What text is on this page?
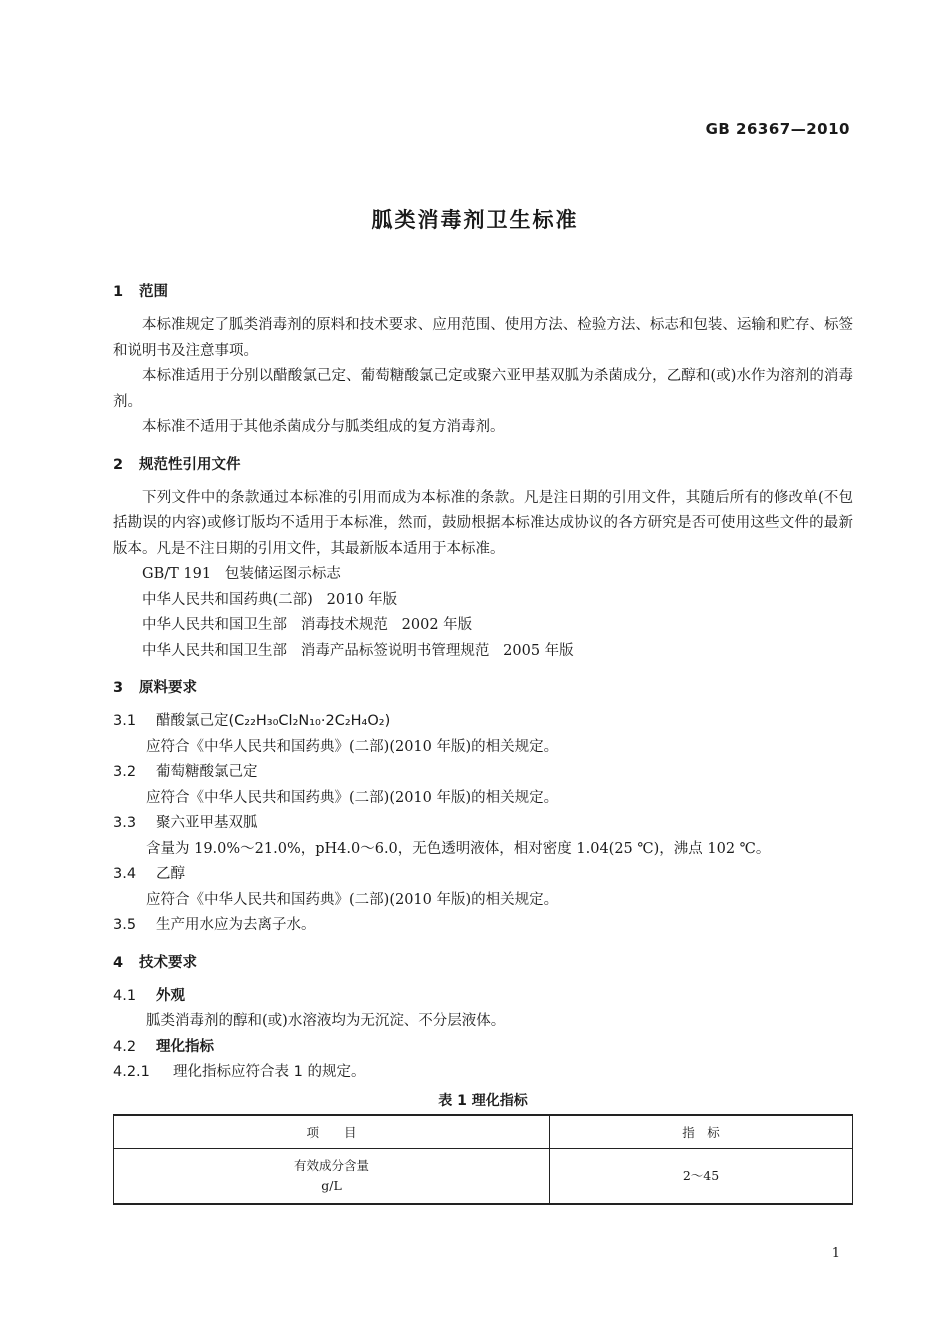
GB 26367—2010
胍类消毒剂卫生标准

1 范围

本标准规定了胍类消毒剂的原料和技术要求、应用范围、使用方法、检验方法、标志和包装、运输和贮存、标签和说明书及注意事项。

本标准适用于分别以醋酸氯己定、葡萄糖酸氯己定或聚六亚甲基双胍为杀菌成分，乙醇和(或)水作为溶剂的消毒剂。

本标准不适用于其他杀菌成分与胍类组成的复方消毒剂。

2 规范性引用文件

下列文件中的条款通过本标准的引用而成为本标准的条款。凡是注日期的引用文件，其随后所有的修改单(不包括勘误的内容)或修订版均不适用于本标准，然而，鼓励根据本标准达成协议的各方研究是否可使用这些文件的最新版本。凡是不注日期的引用文件，其最新版本适用于本标准。

GB/T 191   包装储运图示标志

中华人民共和国药典(二部)   2010 年版

中华人民共和国卫生部   消毒技术规范   2002 年版

中华人民共和国卫生部   消毒产品标签说明书管理规范   2005 年版

3 原料要求

3.1 醋酸氯己定(C₂₂H₃₀Cl₂N₁₀·2C₂H₄O₂)

应符合《中华人民共和国药典》(二部)(2010 年版)的相关规定。

3.2 葡萄糖酸氯己定

应符合《中华人民共和国药典》(二部)(2010 年版)的相关规定。

3.3 聚六亚甲基双胍

含量为 19.0%～21.0%，pH4.0～6.0，无色透明液体，相对密度 1.04(25 ℃)，沸点 102 ℃。

3.4 乙醇

应符合《中华人民共和国药典》(二部)(2010 年版)的相关规定。

3.5 生产用水应为去离子水。

4 技术要求

4.1 外观

胍类消毒剂的醇和(或)水溶液均为无沉淀、不分层液体。

4.2 理化指标

4.2.1 理化指标应符合表 1 的规定。

表 1 理化指标
项　　目	指　标

有效成分含量
g/L	2～45
1
